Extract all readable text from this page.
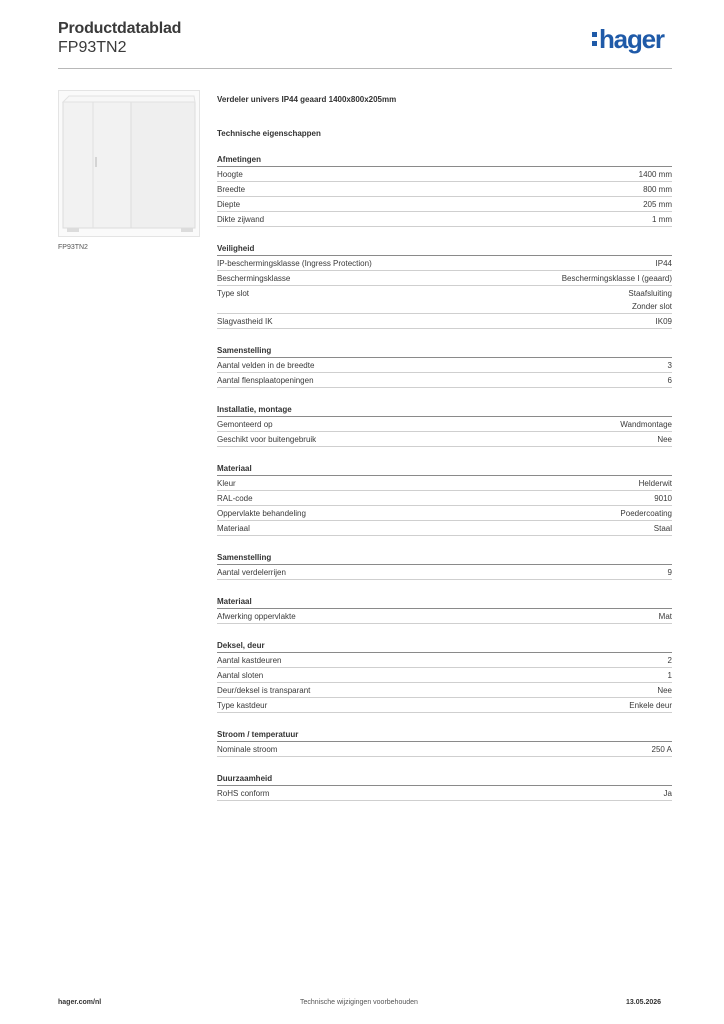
Productdatablad
FP93TN2	hager
FP93TN2
Verdeler univers IP44 geaard 1400x800x205mm
Technische eigenschappen
Afmetingen
Hoogte	1400 mm
Breedte	800 mm
Diepte	205 mm
Dikte zijwand	1 mm
Veiligheid
IP-beschermingsklasse (Ingress Protection)	IP44
Beschermingsklasse	Beschermingsklasse I (geaard)
Type slot	Staafsluiting
Zonder slot
Slagvastheid IK	IK09
Samenstelling
Aantal velden in de breedte	3
Aantal flensplaatopeningen	6
Installatie, montage
Gemonteerd op	Wandmontage
Geschikt voor buitengebruik	Nee
Materiaal
Kleur	Helderwit
RAL-code	9010
Oppervlakte behandeling	Poedercoating
Materiaal	Staal
Samenstelling
Aantal verdelerrijen	9
Materiaal
Afwerking oppervlakte	Mat
Deksel, deur
Aantal kastdeuren	2
Aantal sloten	1
Deur/deksel is transparant	Nee
Type kastdeur	Enkele deur
Stroom / temperatuur
Nominale stroom	250 A
Duurzaamheid
RoHS conform	Ja
hager.com/nl	Technische wijzigingen voorbehouden	13.05.2026
